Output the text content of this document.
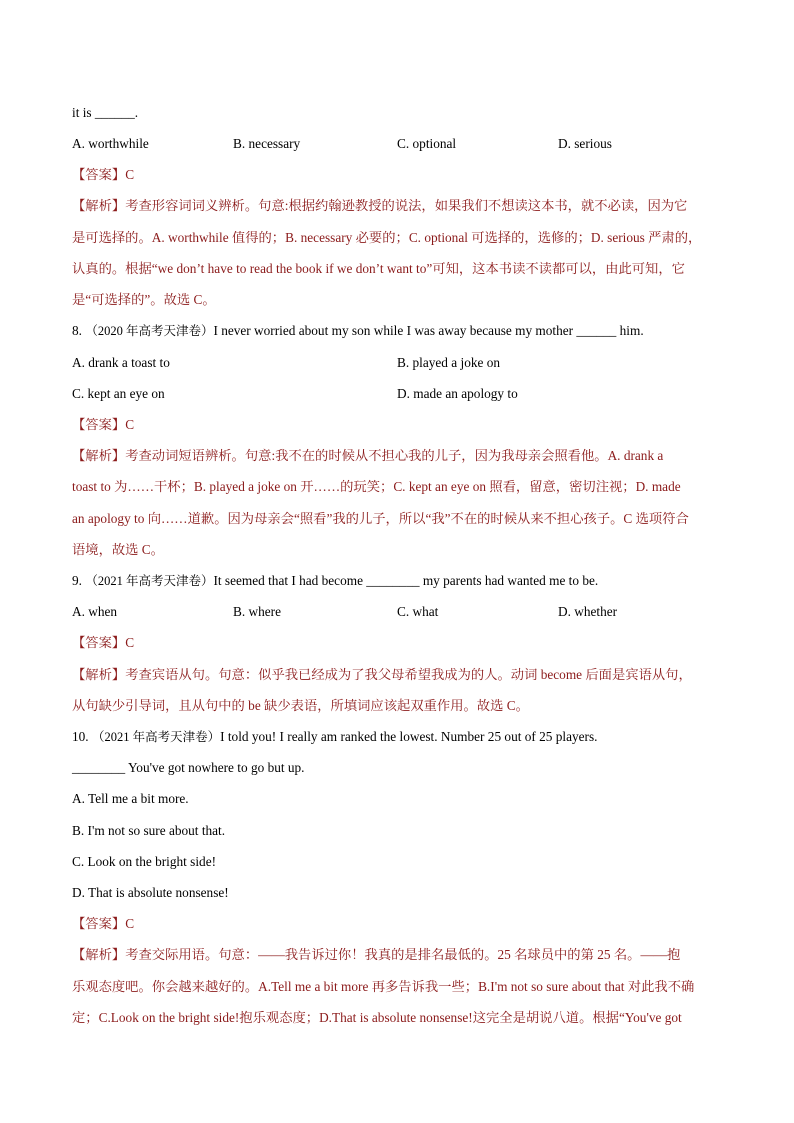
it is ______.
A. worthwhile	B. necessary	C. optional	D. serious
【答案】C
【解析】考查形容词词义辨析。句意:根据约翰逊教授的说法，如果我们不想读这本书，就不必读，因为它
是可选择的。A. worthwhile 值得的；B. necessary 必要的；C. optional 可选择的，选修的；D. serious 严肃的，
认真的。根据“we don’t have to read the book if we don’t want to”可知，这本书读不读都可以，由此可知，它
是“可选择的”。故选 C。
8. （2020 年高考天津卷）I never worried about my son while I was away because my mother ______ him.
A. drank a toast to	B. played a joke on
C. kept an eye on	D. made an apology to
【答案】C
【解析】考查动词短语辨析。句意:我不在的时候从不担心我的儿子，因为我母亲会照看他。A. drank a
toast to 为……干杯；B. played a joke on 开……的玩笑；C. kept an eye on 照看，留意，密切注视；D. made
an apology to 向……道歉。因为母亲会“照看”我的儿子，所以“我”不在的时候从来不担心孩子。C 选项符合
语境，故选 C。
9. （2021 年高考天津卷）It seemed that I had become ________ my parents had wanted me to be.
A. when	B. where	C. what	D. whether
【答案】C
【解析】考查宾语从句。句意：似乎我已经成为了我父母希望我成为的人。动词 become 后面是宾语从句，
从句缺少引导词，且从句中的 be 缺少表语，所填词应该起双重作用。故选 C。
10. （2021 年高考天津卷）I told you! I really am ranked the lowest. Number 25 out of 25 players.
________ You've got nowhere to go but up.
A. Tell me a bit more.
B. I'm not so sure about that.
C. Look on the bright side!
D. That is absolute nonsense!
【答案】C
【解析】考查交际用语。句意：——我告诉过你！我真的是排名最低的。25 名球员中的第 25 名。——抱
乐观态度吧。你会越来越好的。A.Tell me a bit more 再多告诉我一些；B.I'm not so sure about that 对此我不确
定；C.Look on the bright side!抱乐观态度；D.That is absolute nonsense!这完全是胡说八道。根据“You've got
